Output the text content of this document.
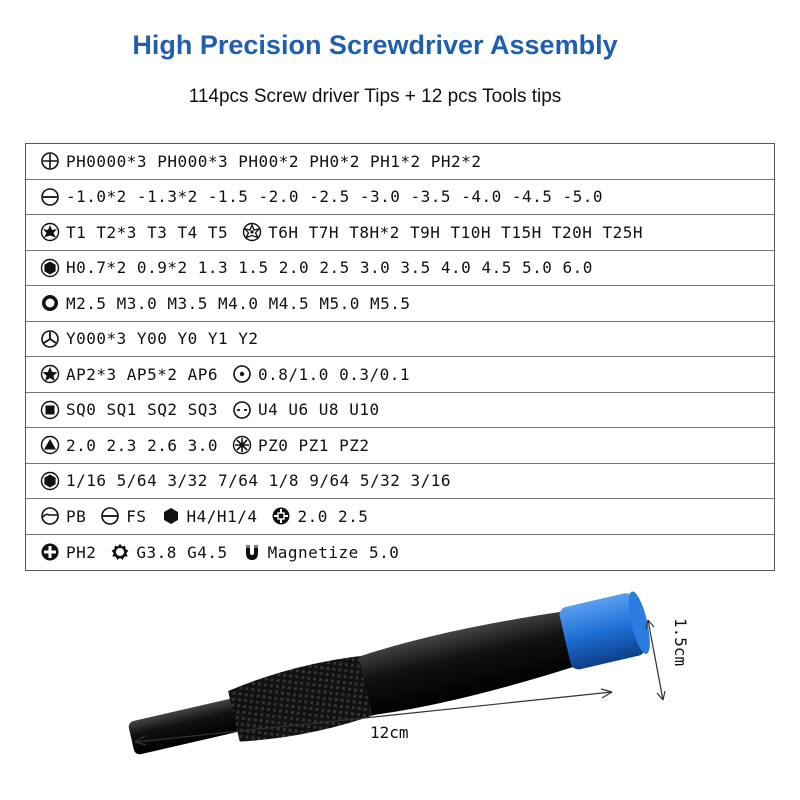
High Precision Screwdriver Assembly
114pcs Screw driver Tips + 12 pcs Tools tips
PH0000*3 PH000*3 PH00*2 PH0*2 PH1*2 PH2*2
-1.0*2 -1.3*2 -1.5 -2.0 -2.5 -3.0 -3.5 -4.0 -4.5 -5.0
T1 T2*3 T3 T4 T5	T6H T7H T8H*2 T9H T10H T15H T20H T25H
H0.7*2 0.9*2 1.3 1.5 2.0 2.5 3.0 3.5 4.0 4.5 5.0 6.0
M2.5 M3.0 M3.5 M4.0 M4.5 M5.0 M5.5
Y000*3 Y00 Y0 Y1 Y2
AP2*3 AP5*2 AP6	0.8/1.0 0.3/0.1
SQ0 SQ1 SQ2 SQ3	U4 U6 U8 U10
2.0 2.3 2.6 3.0	PZ0 PZ1 PZ2
1/16 5/64 3/32 7/64 1/8 9/64 5/32 3/16
PB	FS	H4/H1/4	2.0 2.5
PH2	G3.8 G4.5	Magnetize 5.0
12cm
1.5cm
